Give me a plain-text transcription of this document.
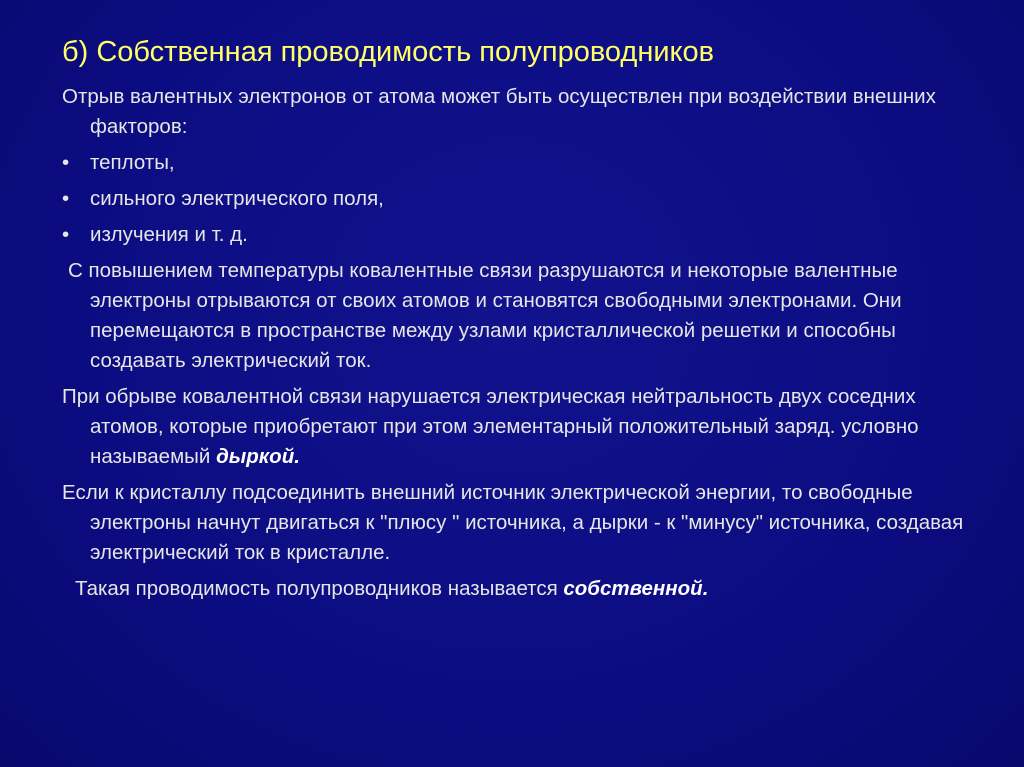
б) Собственная проводимость полупроводников

Отрыв валентных электронов от атома может быть осуществлен при воздействии внешних факторов:

•	теплоты,
•	сильного электрического поля,
•	излучения и т. д.

С повышением температуры ковалентные связи разрушаются и некоторые валентные электроны отрываются от своих атомов и становятся свободными электронами. Они перемещаются в пространстве между узлами кристаллической решетки и способны создавать электрический ток.

При обрыве ковалентной связи нарушается электрическая нейтральность двух соседних атомов, которые приобретают при этом элементарный положительный заряд. условно называемый дыркой.

Если к кристаллу подсоединить внешний источник электрической энергии, то свободные электроны начнут двигаться к "плюсу " источника, а дырки - к "минусу" источника, создавая электрический ток в кристалле.

Такая проводимость полупроводников называется собственной.
